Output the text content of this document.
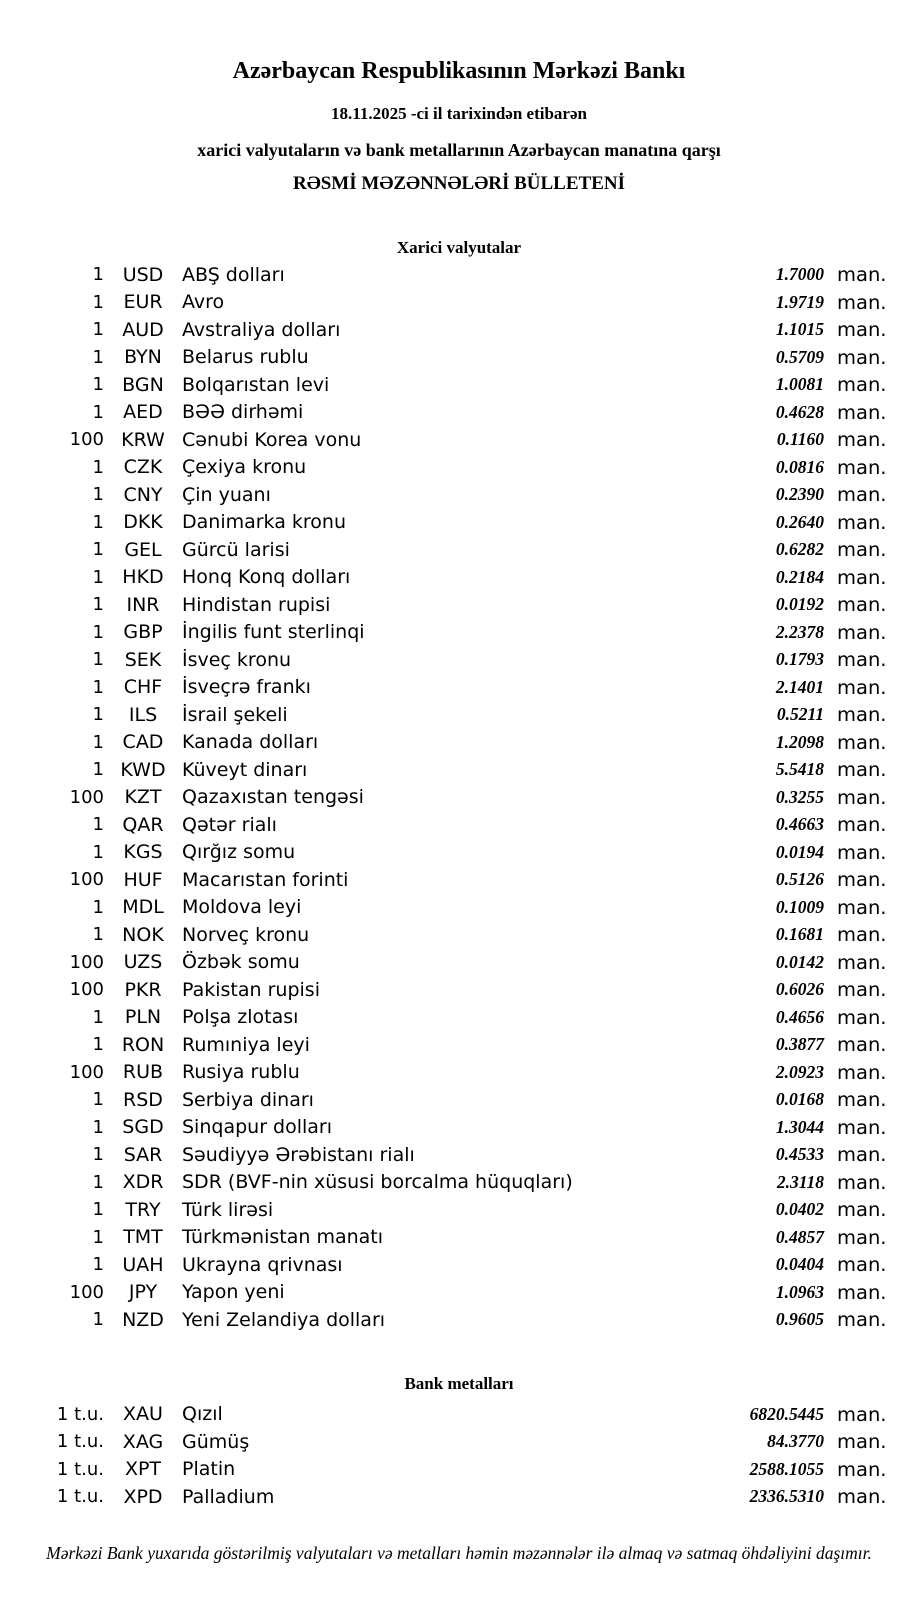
Azərbaycan Respublikasının Mərkəzi Bankı
18.11.2025 -ci il tarixindən etibarən
xarici valyutaların və bank metallarının Azərbaycan manatına qarşı
RƏSMİ MƏZƏNNƏLƏRİ BÜLLETENİ
Xarici valyutalar
1 USD ABŞ dolları	1.7000 man.
1	EUR	Avro	1.9719 man.
1 AUD Avstraliya dolları	1.1015 man.
1	BYN	Belarus rublu	0.5709 man.
1 BGN Bolqarıstan levi	1.0081 man.
1	AED	BƏƏ dirhəmi	0.4628 man.
100 KRW Cənubi Korea vonu	0.1160 man.
1	CZK	Çexiya kronu	0.0816 man.
1	CNY	Çin yuanı	0.2390 man.
1	DKK	Danimarka kronu	0.2640 man.
1	GEL	Gürcü larisi	0.6282 man.
1 HKD Honq Konq dolları	0.2184 man.
1	INR	Hindistan rupisi	0.0192 man.
1	GBP	İngilis funt sterlinqi	2.2378 man.
1	SEK	İsveç kronu	0.1793 man.
1	CHF	İsveçrə frankı	2.1401 man.
1	ILS	İsrail şekeli	0.5211 man.
1 CAD Kanada dolları	1.2098 man.
1 KWD Küveyt dinarı	5.5418 man.
100	KZT	Qazaxıstan tengəsi	0.3255 man.
1 QAR Qətər rialı	0.4663 man.
1	KGS	Qırğız somu	0.0194 man.
100	HUF	Macarıstan forinti	0.5126 man.
1 MDL Moldova leyi	0.1009 man.
1 NOK Norveç kronu	0.1681 man.
100	UZS	Özbək somu	0.0142 man.
100	PKR	Pakistan rupisi	0.6026 man.
1	PLN	Polşa zlotası	0.4656 man.
1 RON Rumıniya leyi	0.3877 man.
100 RUB Rusiya rublu	2.0923 man.
1	RSD	Serbiya dinarı	0.0168 man.
1 SGD Sinqapur dolları	1.3044 man.
1	SAR	Səudiyyə Ərəbistanı rialı	0.4533 man.
1 XDR SDR (BVF-nin xüsusi borcalma hüquqları)	2.3118 man.
1	TRY	Türk lirəsi	0.0402 man.
1	TMT	Türkmənistan manatı	0.4857 man.
1 UAH Ukrayna qrivnası	0.0404 man.
100	JPY	Yapon yeni	1.0963 man.
1 NZD Yeni Zelandiya dolları	0.9605 man.
Bank metalları
1 t.u.	XAU	Qızıl	6820.5445 man.
1 t.u. XAG Gümüş	84.3770 man.
1 t.u.	XPT	Platin	2588.1055 man.
1 t.u.	XPD	Palladium	2336.5310 man.
Mərkəzi Bank yuxarıda göstərilmiş valyutaları və metalları həmin məzənnələr ilə almaq və satmaq öhdəliyini daşımır.
